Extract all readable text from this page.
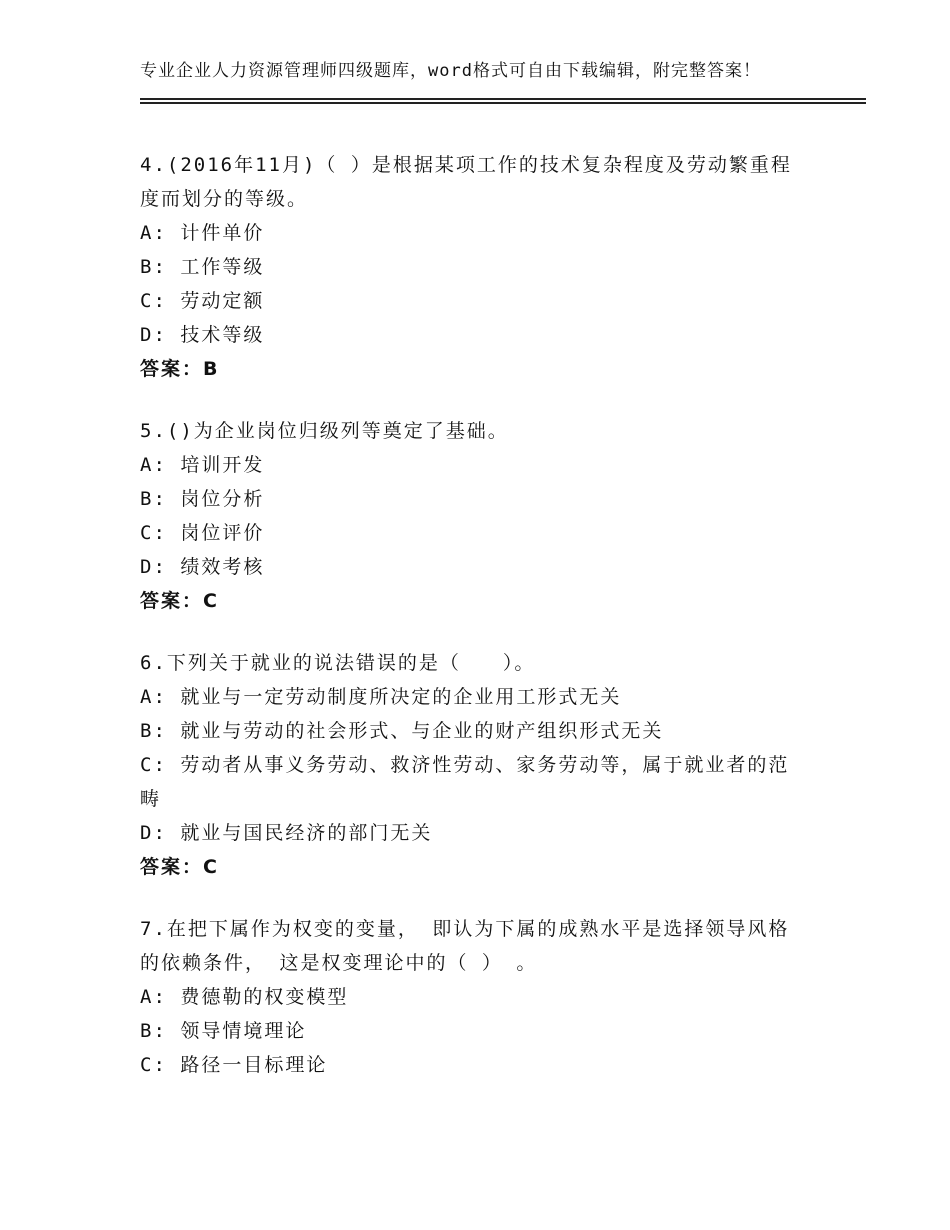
专业企业人力资源管理师四级题库，word格式可自由下载编辑，附完整答案！
4.(2016年11月)（ ）是根据某项工作的技术复杂程度及劳动繁重程
度而划分的等级。
A: 计件单价
B: 工作等级
C: 劳动定额
D: 技术等级
答案：B
5.()为企业岗位归级列等奠定了基础。
A: 培训开发
B: 岗位分析
C: 岗位评价
D: 绩效考核
答案：C
6.下列关于就业的说法错误的是（　　）。
A: 就业与一定劳动制度所决定的企业用工形式无关
B: 就业与劳动的社会形式、与企业的财产组织形式无关
C: 劳动者从事义务劳动、救济性劳动、家务劳动等，属于就业者的范
畴
D: 就业与国民经济的部门无关
答案：C
7.在把下属作为权变的变量， 即认为下属的成熟水平是选择领导风格
的依赖条件， 这是权变理论中的（ ） 。
A: 费德勒的权变模型
B: 领导情境理论
C: 路径一目标理论
